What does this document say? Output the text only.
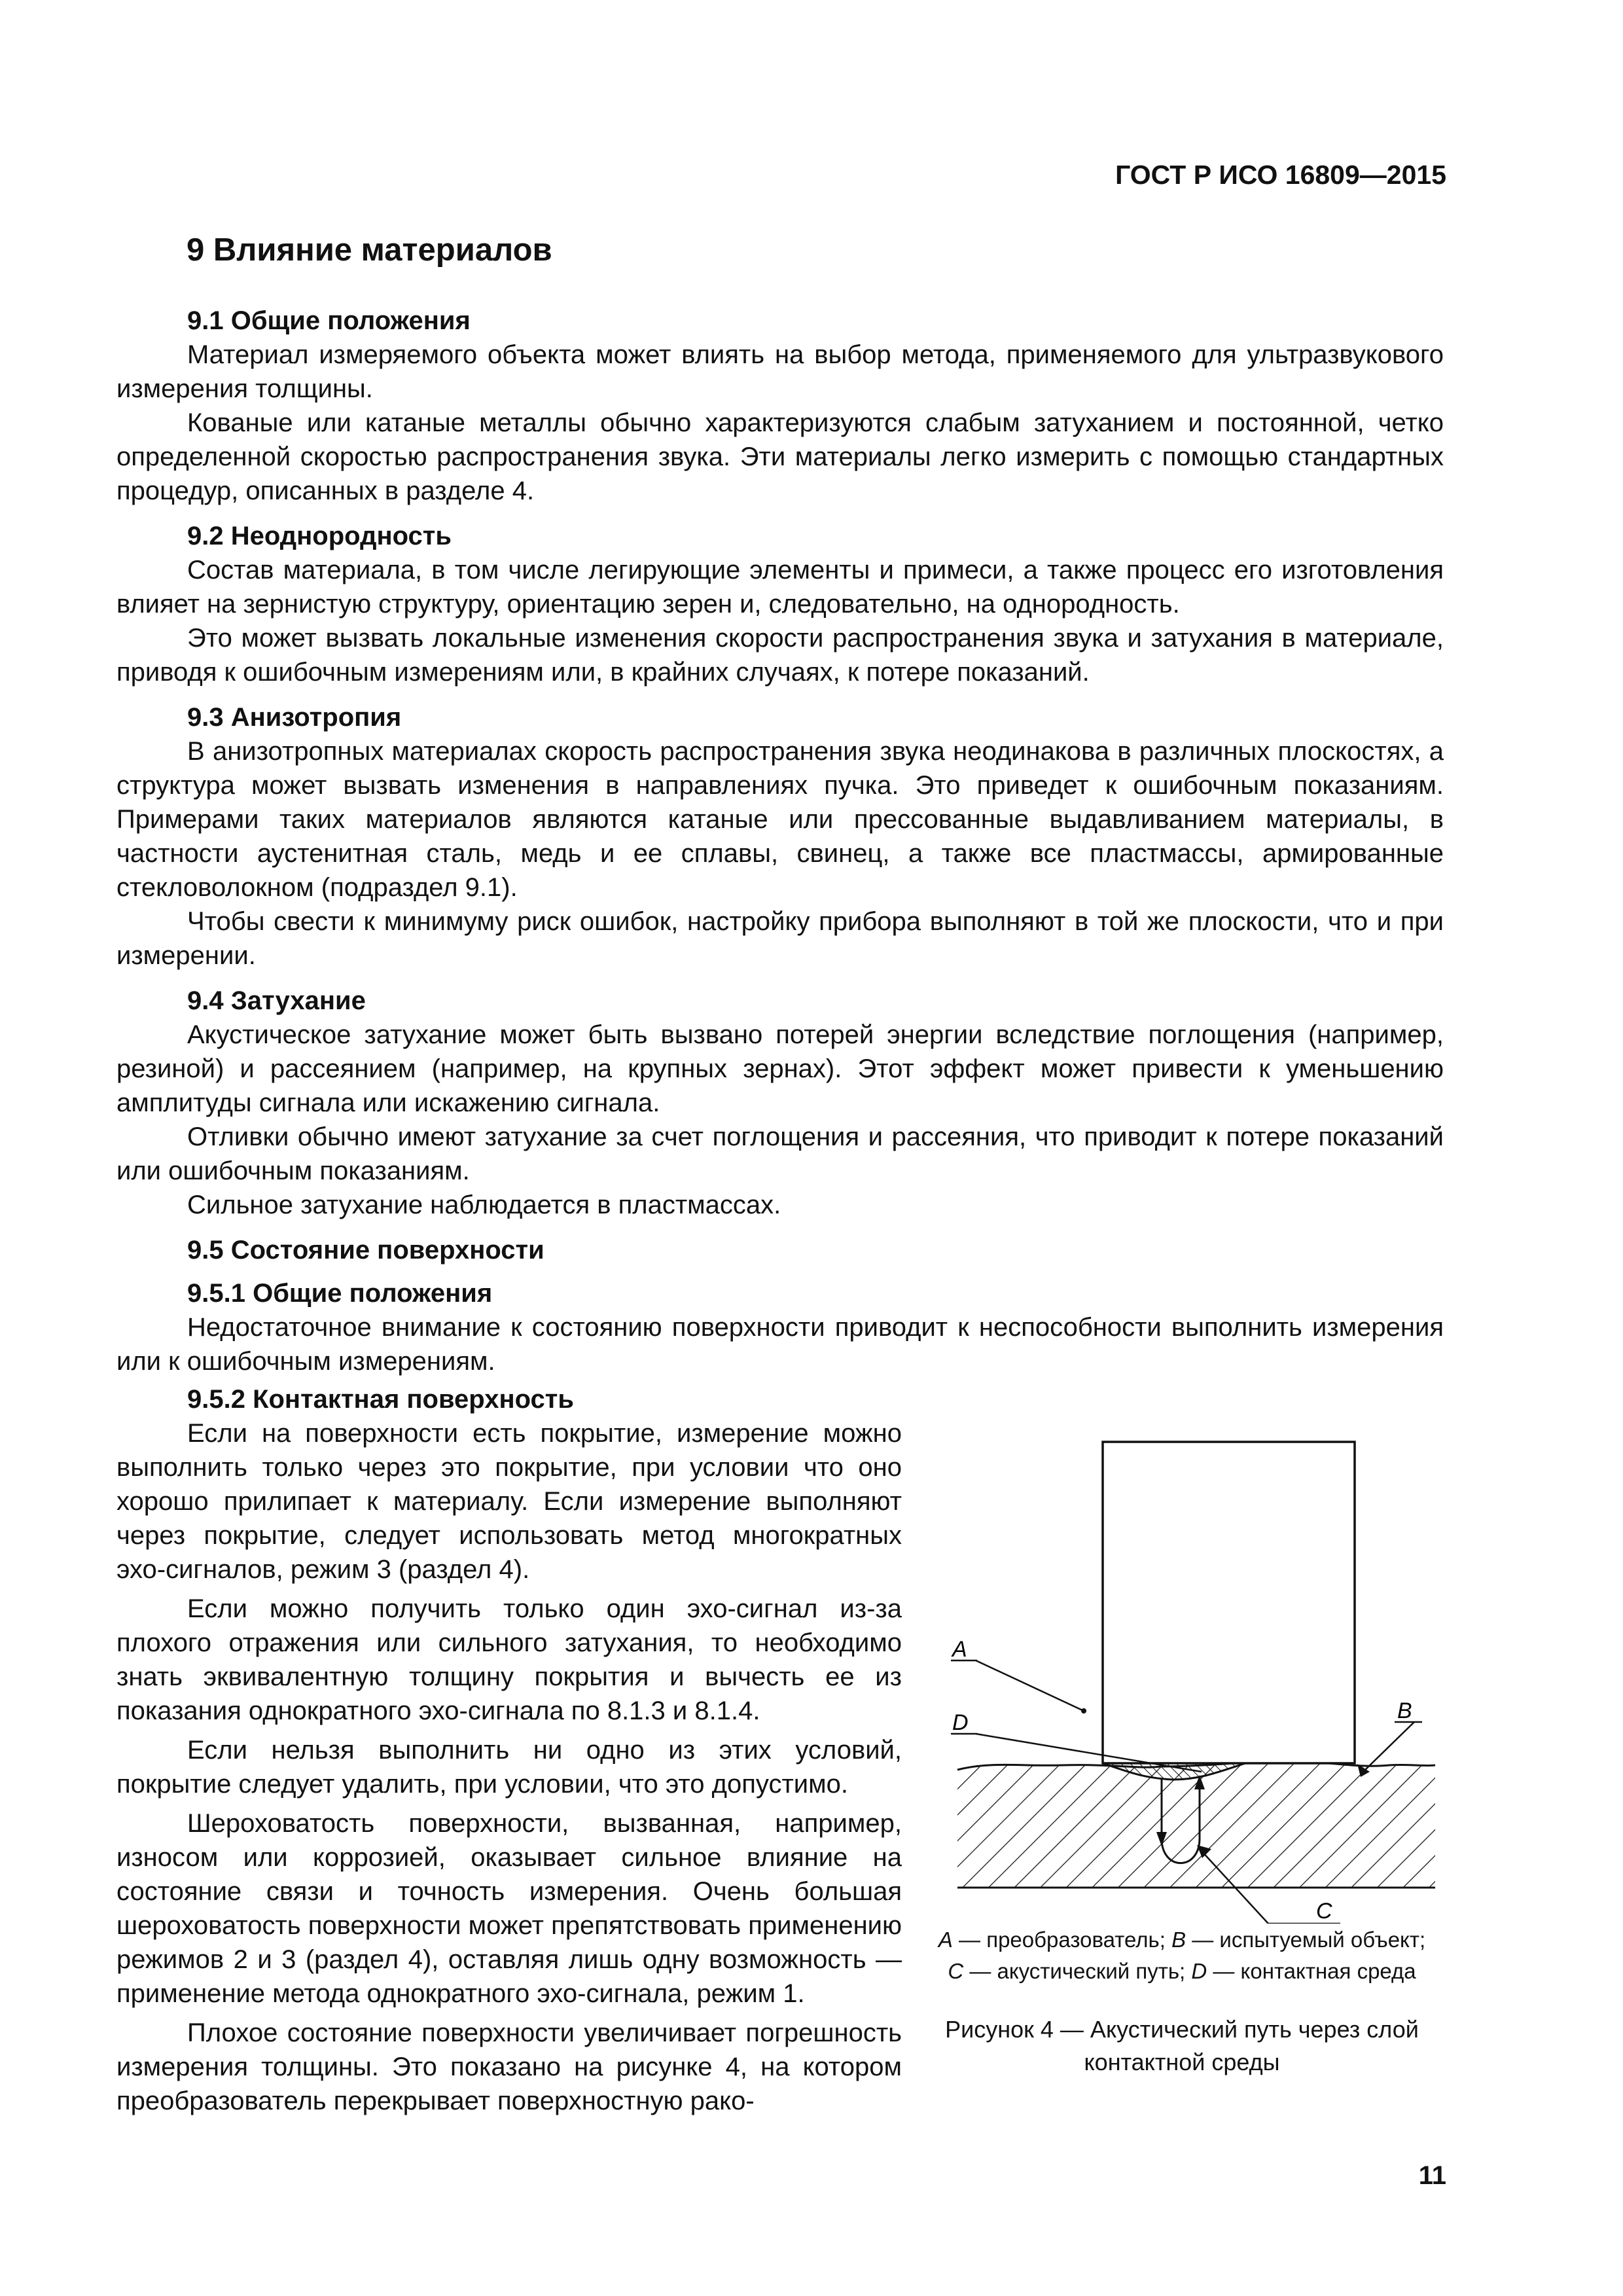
ГОСТ Р ИСО 16809—2015
9 Влияние материалов
9.1 Общие положения

Материал измеряемого объекта может влиять на выбор метода, применяемого для ультразвукового измерения толщины.

Кованые или катаные металлы обычно характеризуются слабым затуханием и постоянной, четко определенной скоростью распространения звука. Эти материалы легко измерить с помощью стандартных процедур, описанных в разделе 4.

9.2 Неоднородность

Состав материала, в том числе легирующие элементы и примеси, а также процесс его изготовления влияет на зернистую структуру, ориентацию зерен и, следовательно, на однородность.

Это может вызвать локальные изменения скорости распространения звука и затухания в материале, приводя к ошибочным измерениям или, в крайних случаях, к потере показаний.

9.3 Анизотропия

В анизотропных материалах скорость распространения звука неодинакова в различных плоскостях, а структура может вызвать изменения в направлениях пучка. Это приведет к ошибочным показаниям. Примерами таких материалов являются катаные или прессованные выдавливанием материалы, в частности аустенитная сталь, медь и ее сплавы, свинец, а также все пластмассы, армированные стекловолокном (подраздел 9.1).

Чтобы свести к минимуму риск ошибок, настройку прибора выполняют в той же плоскости, что и при измерении.

9.4 Затухание

Акустическое затухание может быть вызвано потерей энергии вследствие поглощения (например, резиной) и рассеянием (например, на крупных зернах). Этот эффект может привести к уменьшению амплитуды сигнала или искажению сигнала.

Отливки обычно имеют затухание за счет поглощения и рассеяния, что приводит к потере показаний или ошибочным показаниям.

Сильное затухание наблюдается в пластмассах.

9.5 Состояние поверхности
9.5.1 Общие положения

Недостаточное внимание к состоянию поверхности приводит к неспособности выполнить измерения или к ошибочным измерениям.

9.5.2 Контактная поверхность

Если на поверхности есть покрытие, измерение можно выполнить только через это покрытие, при условии что оно хорошо прилипает к материалу. Если измерение выполняют через покрытие, следует использовать метод многократных эхо-сигналов, режим 3 (раздел 4).

Если можно получить только один эхо-сигнал из-за плохого отражения или сильного затухания, то необходимо знать эквивалентную толщину покрытия и вычесть ее из показания однократного эхо-сигнала по 8.1.3 и 8.1.4.

Если нельзя выполнить ни одно из этих условий, покрытие следует удалить, при условии, что это допустимо.

Шероховатость поверхности, вызванная, например, износом или коррозией, оказывает сильное влияние на состояние связи и точность измерения. Очень большая шероховатость поверхности может препятствовать применению режимов 2 и 3 (раздел 4), оставляя лишь одну возможность — применение метода однократного эхо-сигнала, режим 1.

Плохое состояние поверхности увеличивает погрешность измерения толщины. Это показано на рисунке 4, на котором преобразователь перекрывает поверхностную рако-

A
D	B
C
A — преобразователь; B — испытуемый объект;
C — акустический путь; D — контактная среда
Рисунок 4 — Акустический путь через слой
контактной среды
11
